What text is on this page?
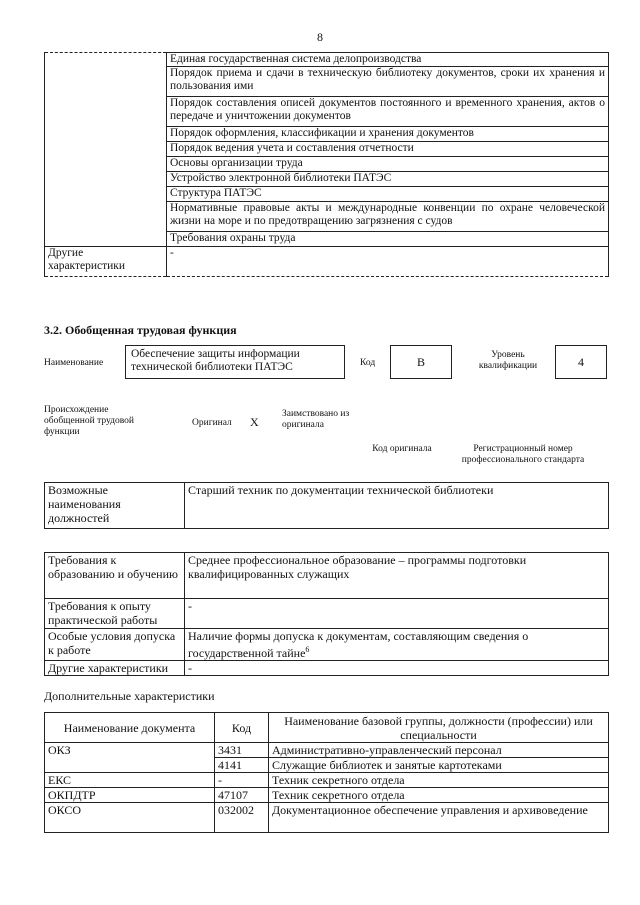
8
	Единая государственная система делопроизводства
	Порядок приема и сдачи в техническую библиотеку документов, сроки их хранения и пользования ими
	Порядок составления описей документов постоянного и временного хранения, актов о передаче и уничтожении документов
	Порядок оформления, классификации и хранения документов
	Порядок ведения учета и составления отчетности
	Основы организации труда
	Устройство электронной библиотеки ПАТЭС
	Структура ПАТЭС
	Нормативные правовые акты и международные конвенции по охране человеческой жизни на море и по предотвращению загрязнения с судов
	Требования охраны труда
Другие характеристики	-
3.2. Обобщенная трудовая функция
Наименование
Обеспечение защиты информации технической библиотеки ПАТЭС	Код	В	Уровень квалификации	4
Происхождение обобщенной трудовой функции
Оригинал Х
Заимствовано из оригинала
Код оригинала	Регистрационный номер профессионального стандарта
Возможные наименования должностей	Старший техник по документации технической библиотеки
Требования к образованию и обучению	Среднее профессиональное образование – программы подготовки квалифицированных служащих
Требования к опыту практической работы	-
Особые условия допуска к работе	Наличие формы допуска к документам, составляющим сведения о государственной тайне$^6$
Другие характеристики	-
Дополнительные характеристики
Наименование документа	Код	Наименование базовой группы, должности (профессии) или специальности
ОКЗ	3431	Административно-управленческий персонал
	4141	Служащие библиотек и занятые картотеками
ЕКС	-	Техник секретного отдела
ОКПДТР	47107	Техник секретного отдела
ОКСО	032002	Документационное обеспечение управления и архивоведение
